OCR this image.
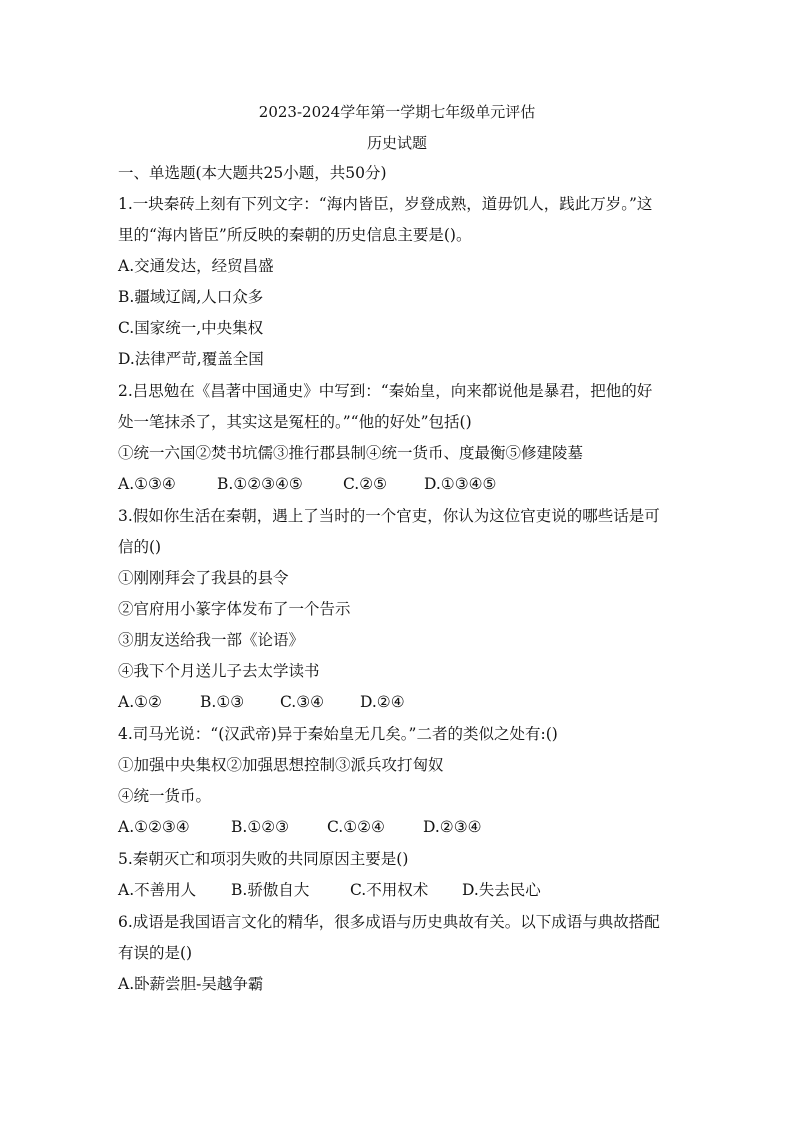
2023-2024学年第一学期七年级单元评估
历史试题
一、单选题(本大题共25小题，共50分)
1.一块秦砖上刻有下列文字：“海内皆臣，岁登成熟，道毋饥人，践此万岁。”这
里的“海内皆臣”所反映的秦朝的历史信息主要是()。
A.交通发达，经贸昌盛
B.疆域辽阔,人口众多
C.国家统一,中央集权
D.法律严苛,覆盖全国
2.吕思勉在《昌著中国通史》中写到：“秦始皇，向来都说他是暴君，把他的好
处一笔抹杀了，其实这是冤枉的。”“他的好处”包括()
①统一六国②焚书坑儒③推行郡县制④统一货币、度最衡⑤修建陵墓
A.①③④	B.①②③④⑤	C.②⑤ D.①③④⑤
3.假如你生活在秦朝，遇上了当时的一个官吏，你认为这位官吏说的哪些话是可
信的()
①刚刚拜会了我县的县令
②官府用小篆字体发布了一个告示
③朋友送给我一部《论语》
④我下个月送儿子去太学读书
A.①② B.①③ C.③④ D.②④
4.司马光说：“(汉武帝)异于秦始皇无几矣。”二者的类似之处有:()
①加强中央集权②加强思想控制③派兵攻打匈奴
④统一货币。
A.①②③④	B.①②③ C.①②④ D.②③④
5.秦朝灭亡和项羽失败的共同原因主要是()
A.不善用人 B.骄傲自大	C.不用权术 D.失去民心
6.成语是我国语言文化的精华，很多成语与历史典故有关。以下成语与典故搭配
有误的是()
A.卧薪尝胆-吴越争霸
